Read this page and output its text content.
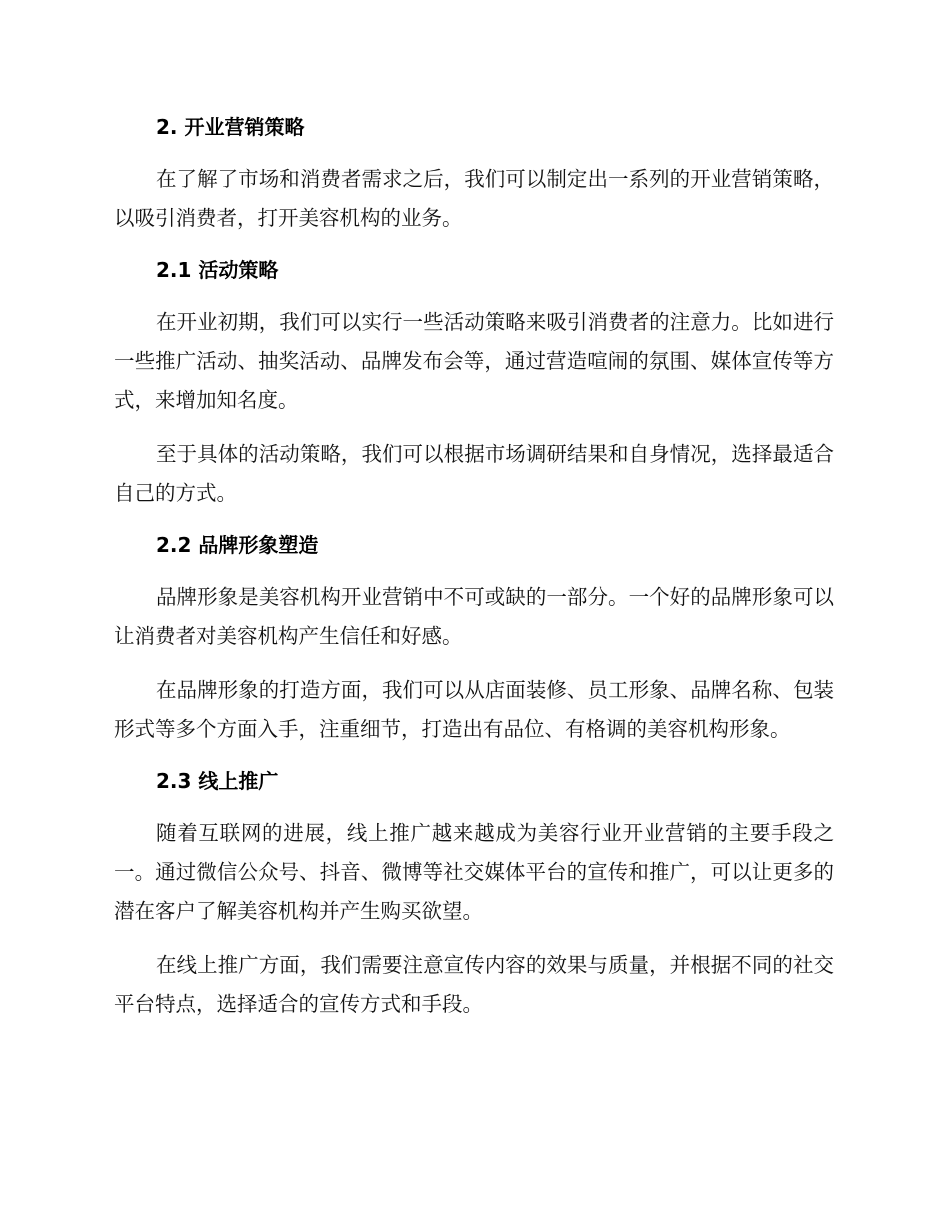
2. 开业营销策略

在了解了市场和消费者需求之后，我们可以制定出一系列的开业营销策略，以吸引消费者，打开美容机构的业务。

2.1 活动策略

在开业初期，我们可以实行一些活动策略来吸引消费者的注意力。比如进行一些推广活动、抽奖活动、品牌发布会等，通过营造喧闹的氛围、媒体宣传等方式，来增加知名度。

至于具体的活动策略，我们可以根据市场调研结果和自身情况，选择最适合自己的方式。

2.2 品牌形象塑造

品牌形象是美容机构开业营销中不可或缺的一部分。一个好的品牌形象可以让消费者对美容机构产生信任和好感。

在品牌形象的打造方面，我们可以从店面装修、员工形象、品牌名称、包装形式等多个方面入手，注重细节，打造出有品位、有格调的美容机构形象。

2.3 线上推广

随着互联网的进展，线上推广越来越成为美容行业开业营销的主要手段之一。通过微信公众号、抖音、微博等社交媒体平台的宣传和推广，可以让更多的潜在客户了解美容机构并产生购买欲望。

在线上推广方面，我们需要注意宣传内容的效果与质量，并根据不同的社交平台特点，选择适合的宣传方式和手段。
